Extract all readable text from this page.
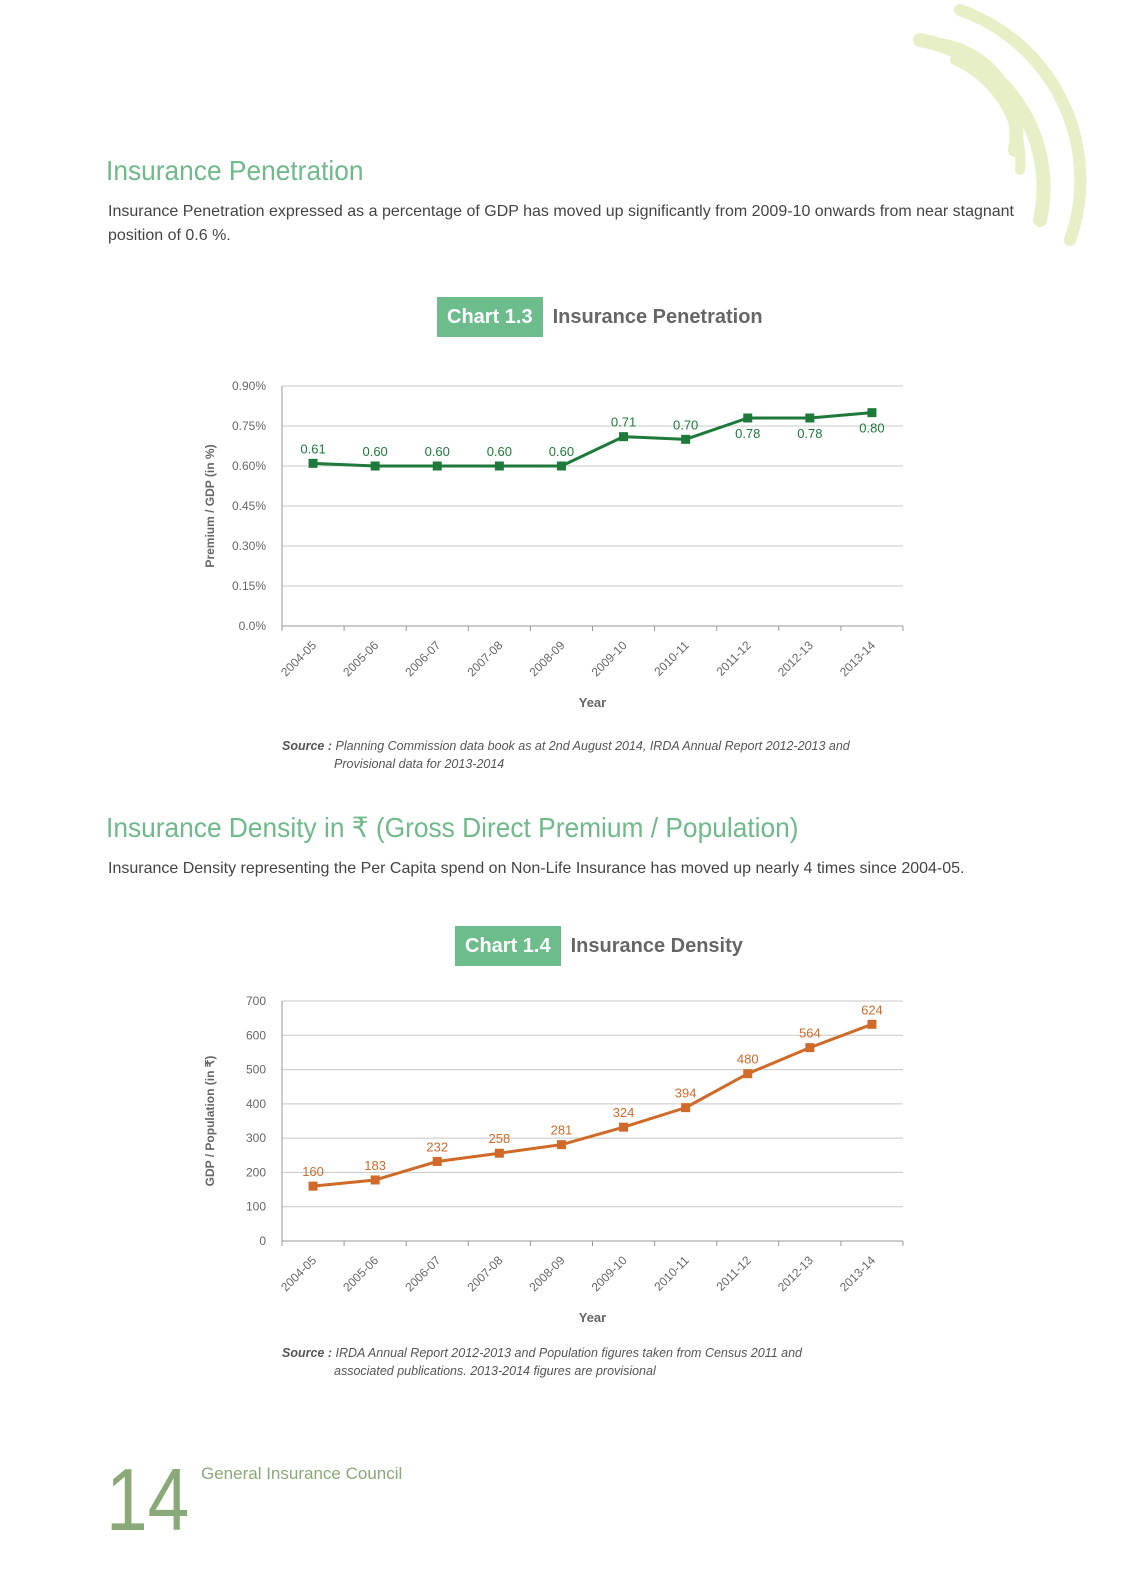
Insurance Penetration

Insurance Penetration expressed as a percentage of GDP has moved up significantly from 2009-10 onwards from near stagnant
position of 0.6 %.

Chart 1.3	Insurance Penetration
0.0%
0.15%
0.30%
0.45%
0.60%
0.75%
0.90%
2004-05 2005-06 2006-07 2007-08 2008-09 2009-10 2010-11 2011-12 2012-13 2013-14
Year
Premium / GDP (in %)	0.61	0.60	0.60	0.60	0.60
0.71	0.70
0.78	0.78	0.80

Source : Planning Commission data book as at 2nd August 2014, IRDA Annual Report 2012-2013 and
Provisional data for 2013-2014

Insurance Density in ₹ (Gross Direct Premium / Population)

Insurance Density representing the Per Capita spend on Non-Life Insurance has moved up nearly 4 times since 2004-05.

Chart 1.4	Insurance Density
0
100
200
300
400
500
600
700
2004-05 2005-06 2006-07 2007-08 2008-09 2009-10 2010-11 2011-12 2012-13 2013-14
Year
GDP / Population (in ₹)	160	183
232
258
281
324
394
480
564
624

Source : IRDA Annual Report 2012-2013 and Population figures taken from Census 2011 and
associated publications. 2013-2014 figures are provisional

14 General Insurance Council
